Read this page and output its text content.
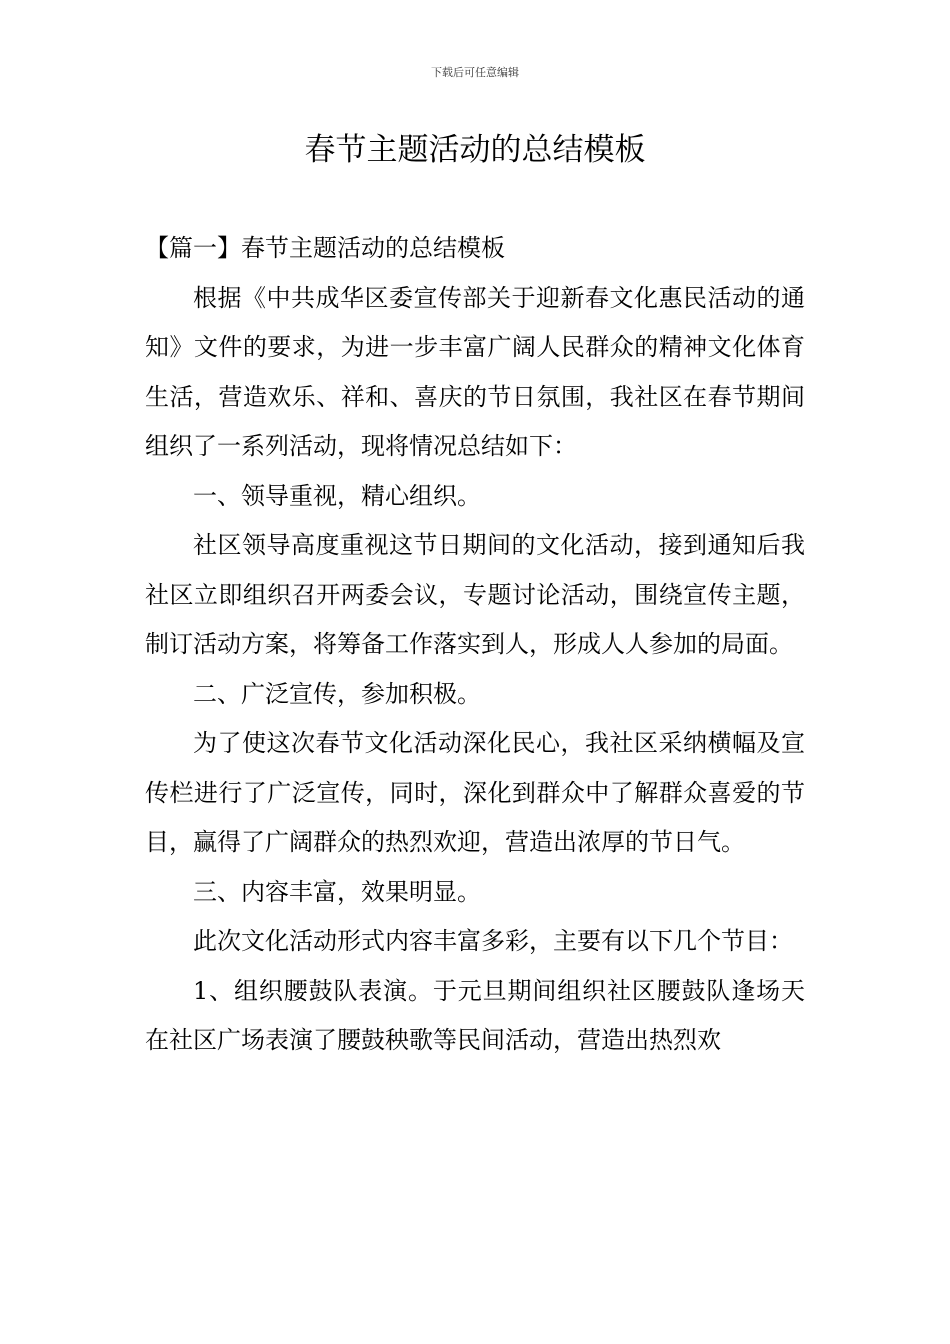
下载后可任意编辑
春节主题活动的总结模板

【篇一】春节主题活动的总结模板

根据《中共成华区委宣传部关于迎新春文化惠民活动的通知》文件的要求，为进一步丰富广阔人民群众的精神文化体育生活，营造欢乐、祥和、喜庆的节日氛围，我社区在春节期间组织了一系列活动，现将情况总结如下：

一、领导重视，精心组织。

社区领导高度重视这节日期间的文化活动，接到通知后我社区立即组织召开两委会议，专题讨论活动，围绕宣传主题，制订活动方案，将筹备工作落实到人，形成人人参加的局面。

二、广泛宣传，参加积极。

为了使这次春节文化活动深化民心，我社区采纳横幅及宣传栏进行了广泛宣传，同时，深化到群众中了解群众喜爱的节目，赢得了广阔群众的热烈欢迎，营造出浓厚的节日气。

三、内容丰富，效果明显。

此次文化活动形式内容丰富多彩，主要有以下几个节目：

1、组织腰鼓队表演。于元旦期间组织社区腰鼓队逢场天在社区广场表演了腰鼓秧歌等民间活动，营造出热烈欢
